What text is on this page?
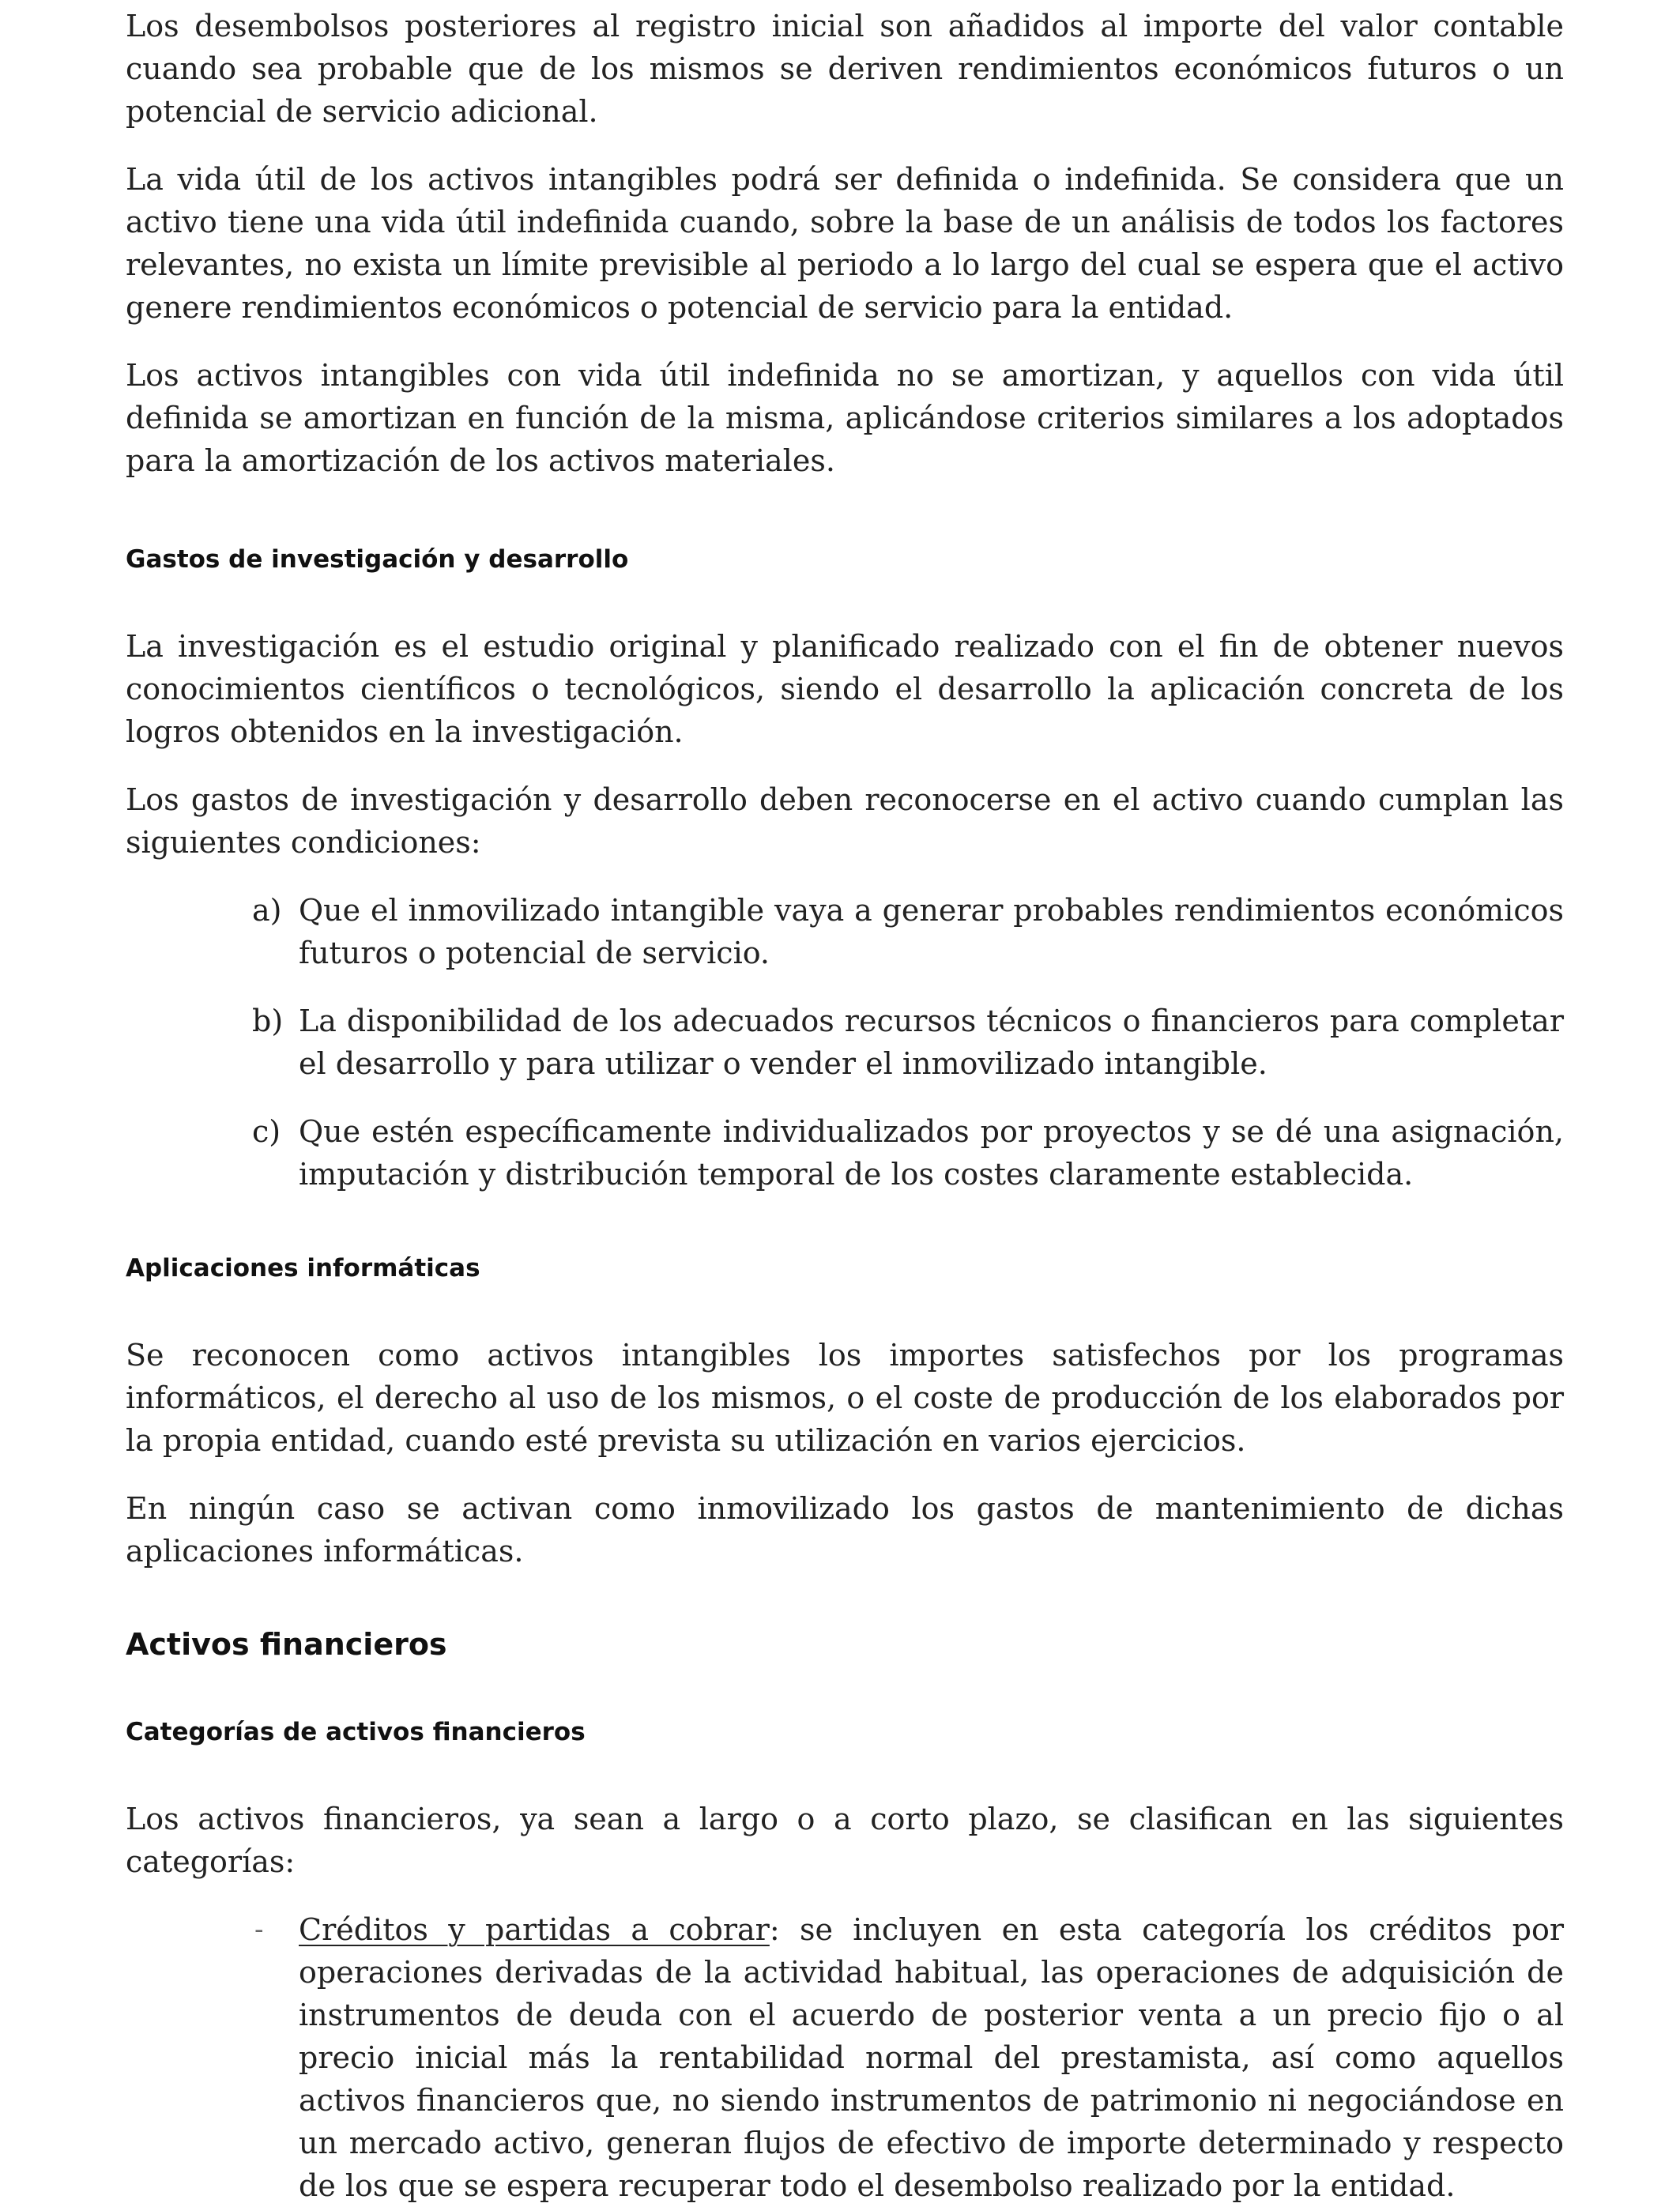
Los desembolsos posteriores al registro inicial son añadidos al importe del valor contable cuando sea probable que de los mismos se deriven rendimientos económicos futuros o un potencial de servicio adicional.

La vida útil de los activos intangibles podrá ser definida o indefinida. Se considera que un activo tiene una vida útil indefinida cuando, sobre la base de un análisis de todos los factores relevantes, no exista un límite previsible al periodo a lo largo del cual se espera que el activo genere rendimientos económicos o potencial de servicio para la entidad.

Los activos intangibles con vida útil indefinida no se amortizan, y aquellos con vida útil definida se amortizan en función de la misma, aplicándose criterios similares a los adoptados para la amortización de los activos materiales.

Gastos de investigación y desarrollo

La investigación es el estudio original y planificado realizado con el fin de obtener nuevos conocimientos científicos o tecnológicos, siendo el desarrollo la aplicación concreta de los logros obtenidos en la investigación.

Los gastos de investigación y desarrollo deben reconocerse en el activo cuando cumplan las siguientes condiciones:

a) Que el inmovilizado intangible vaya a generar probables rendimientos económicos futuros o potencial de servicio.

b) La disponibilidad de los adecuados recursos técnicos o financieros para completar el desarrollo y para utilizar o vender el inmovilizado intangible.

c) Que estén específicamente individualizados por proyectos y se dé una asignación, imputación y distribución temporal de los costes claramente establecida.

Aplicaciones informáticas

Se reconocen como activos intangibles los importes satisfechos por los programas informáticos, el derecho al uso de los mismos, o el coste de producción de los elaborados por la propia entidad, cuando esté prevista su utilización en varios ejercicios.

En ningún caso se activan como inmovilizado los gastos de mantenimiento de dichas aplicaciones informáticas.

Activos financieros
Categorías de activos financieros

Los activos financieros, ya sean a largo o a corto plazo, se clasifican en las siguientes categorías:

- Créditos y partidas a cobrar: se incluyen en esta categoría los créditos por operaciones derivadas de la actividad habitual, las operaciones de adquisición de instrumentos de deuda con el acuerdo de posterior venta a un precio fijo o al precio inicial más la rentabilidad normal del prestamista, así como aquellos activos financieros que, no siendo instrumentos de patrimonio ni negociándose en un mercado activo, generan flujos de efectivo de importe determinado y respecto de los que se espera recuperar todo el desembolso realizado por la entidad.
